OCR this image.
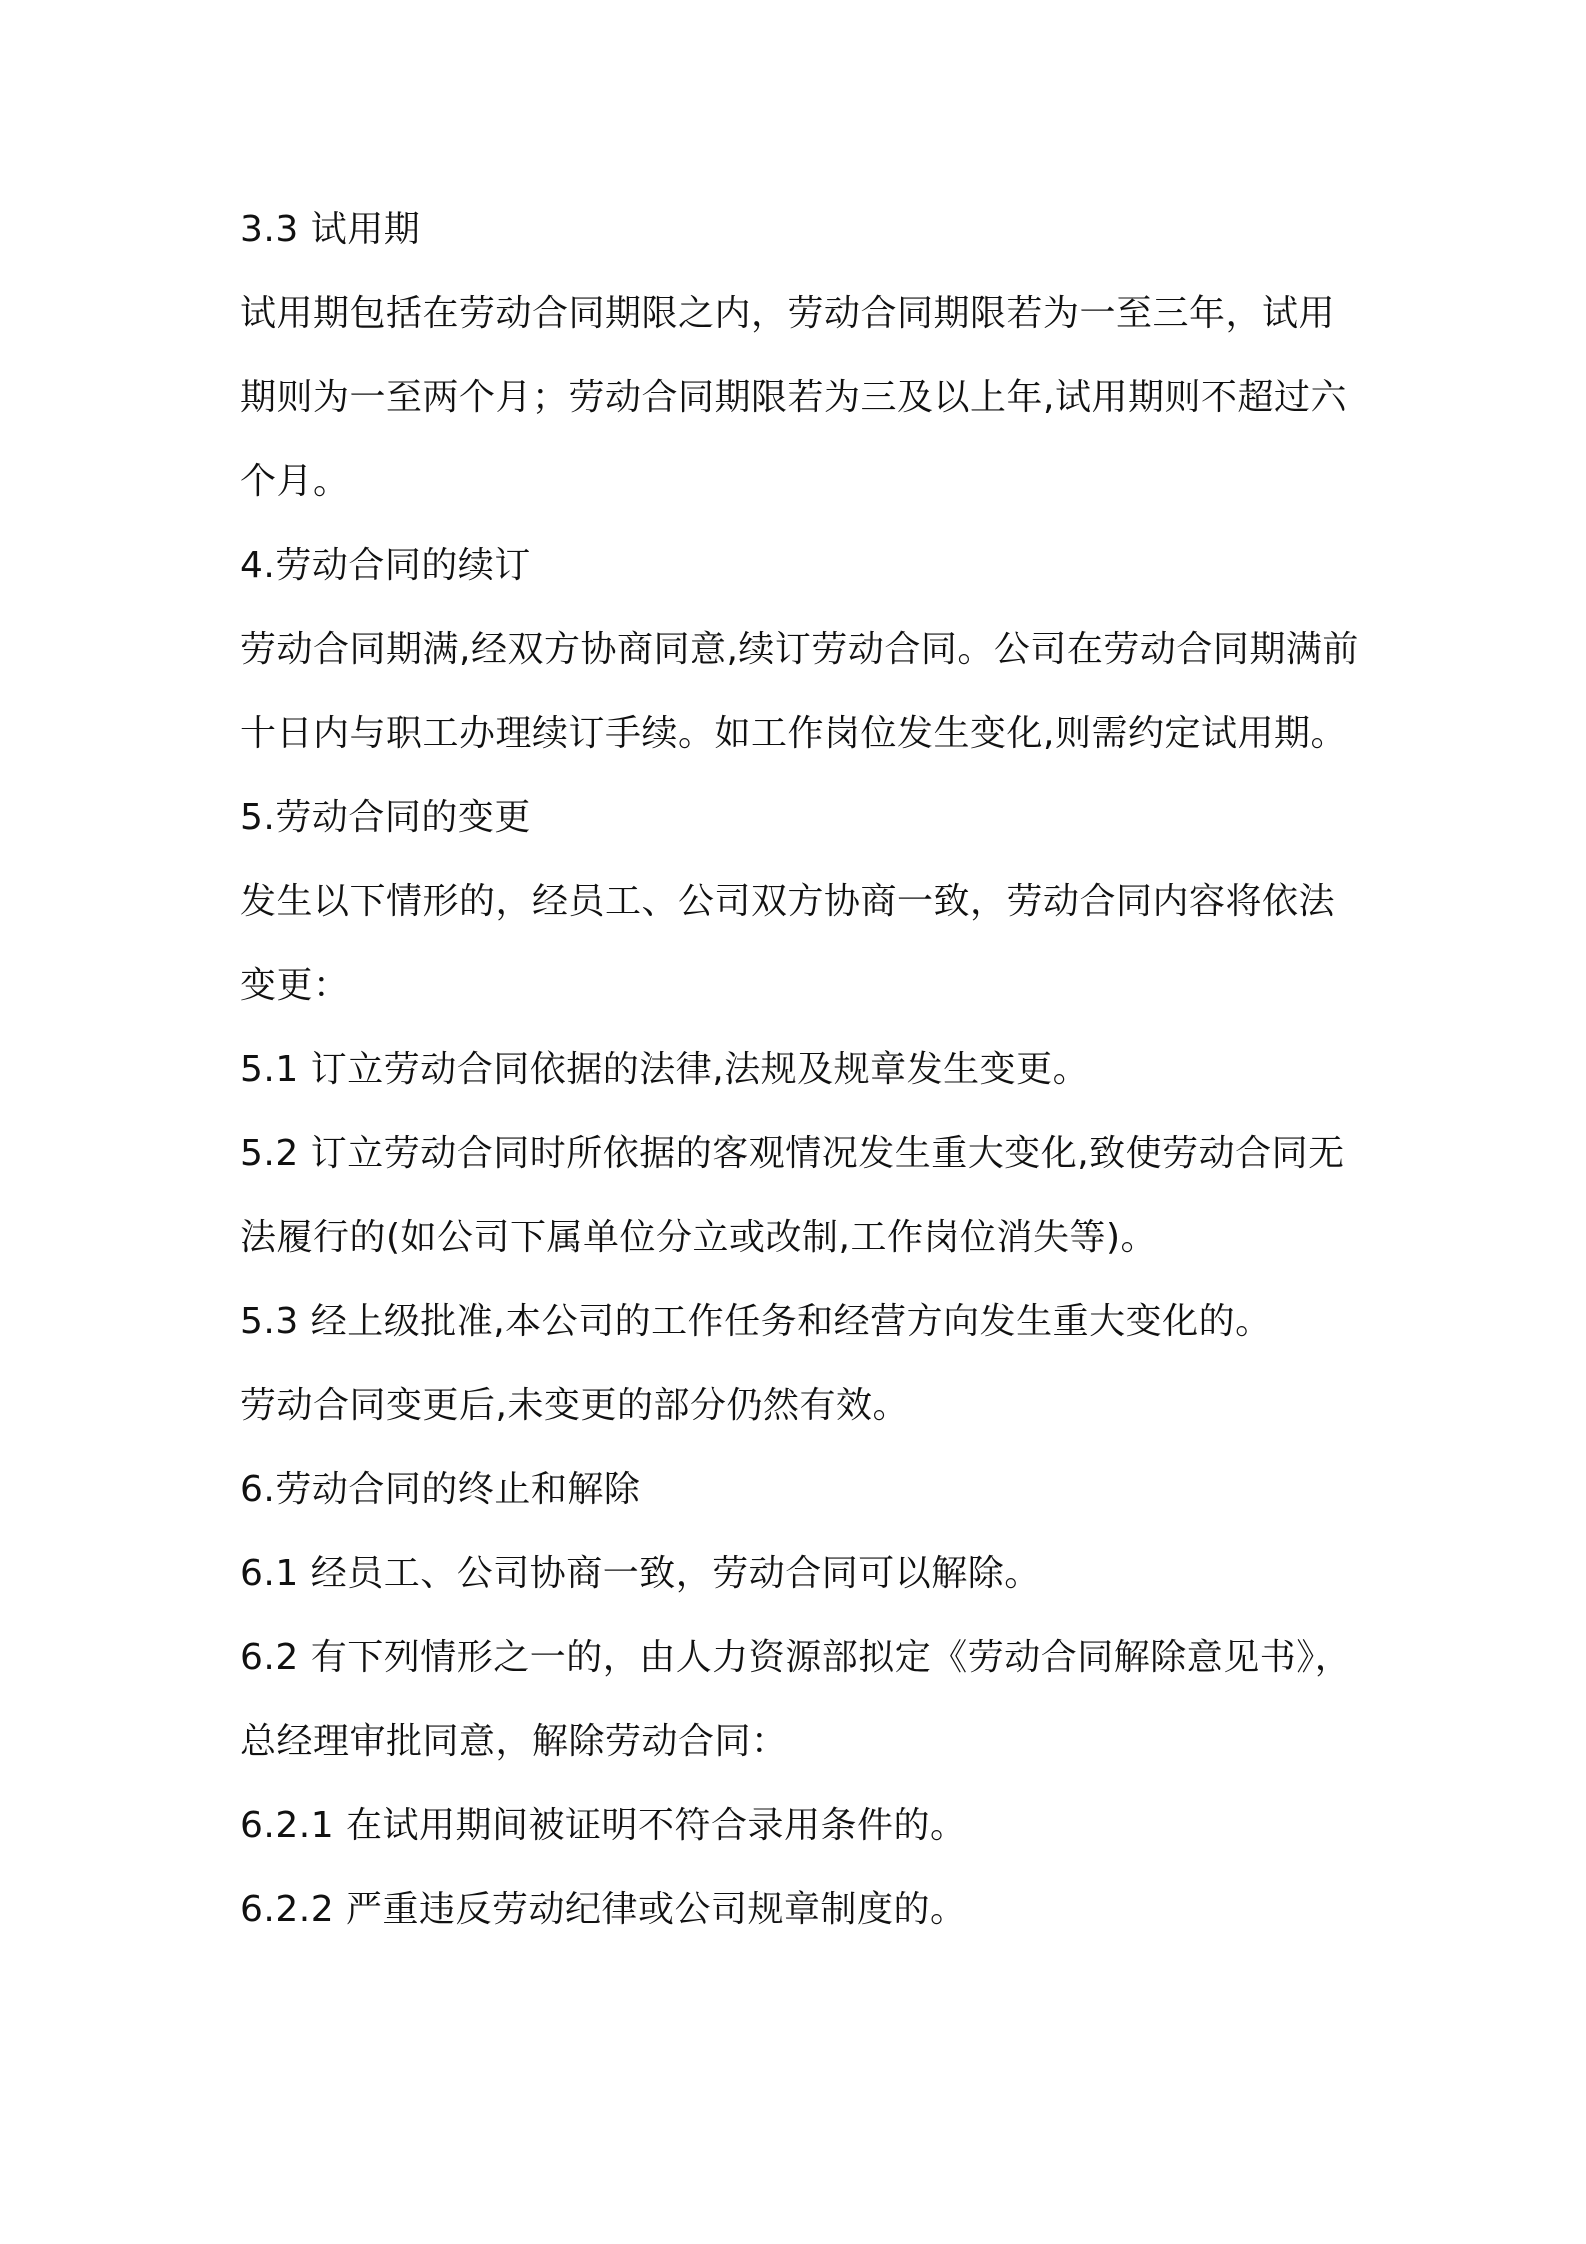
3.3 试用期

试用期包括在劳动合同期限之内，劳动合同期限若为一至三年，试用期则为一至两个月；劳动合同期限若为三及以上年,试用期则不超过六个月。

4.劳动合同的续订

劳动合同期满,经双方协商同意,续订劳动合同。公司在劳动合同期满前十日内与职工办理续订手续。如工作岗位发生变化,则需约定试用期。

5.劳动合同的变更

发生以下情形的，经员工、公司双方协商一致，劳动合同内容将依法变更：

5.1 订立劳动合同依据的法律,法规及规章发生变更。

5.2 订立劳动合同时所依据的客观情况发生重大变化,致使劳动合同无法履行的(如公司下属单位分立或改制,工作岗位消失等)。

5.3 经上级批准,本公司的工作任务和经营方向发生重大变化的。

劳动合同变更后,未变更的部分仍然有效。

6.劳动合同的终止和解除

6.1 经员工、公司协商一致，劳动合同可以解除。

6.2 有下列情形之一的，由人力资源部拟定《劳动合同解除意见书》，总经理审批同意，解除劳动合同：

6.2.1 在试用期间被证明不符合录用条件的。

6.2.2 严重违反劳动纪律或公司规章制度的。
